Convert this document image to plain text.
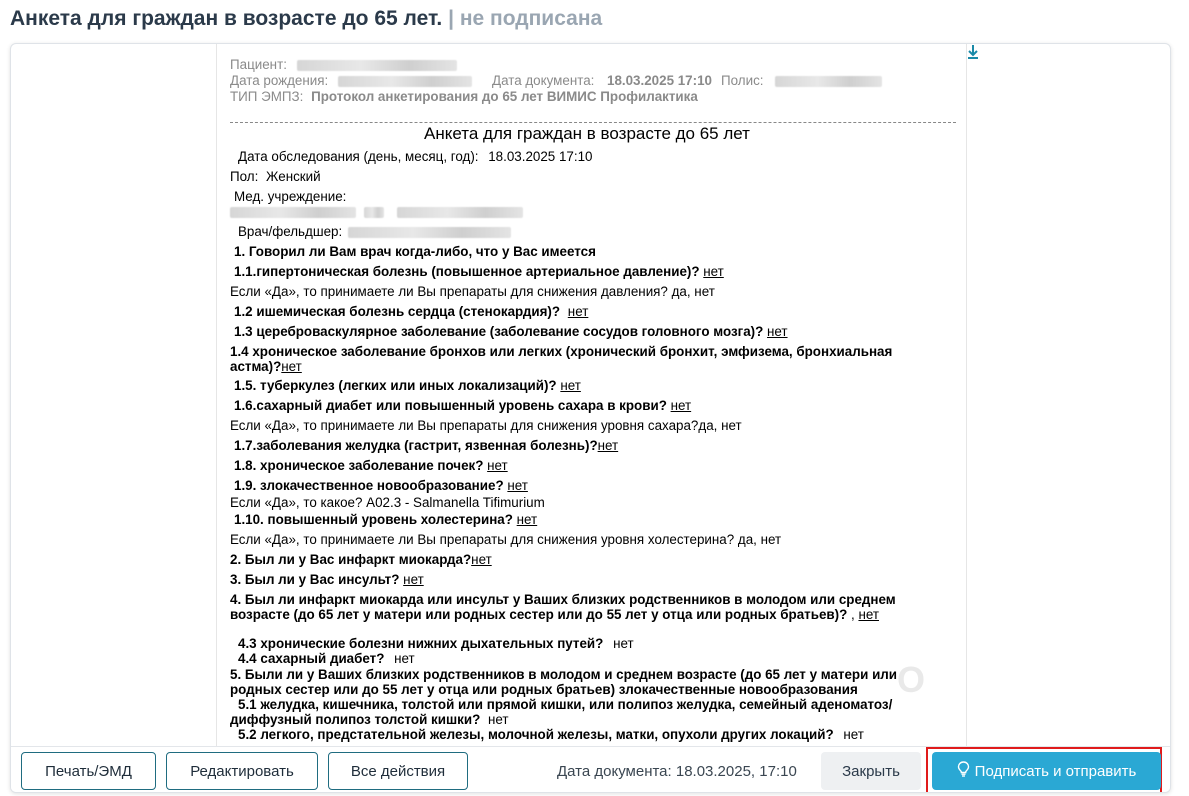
Анкета для граждан в возрасте до 65 лет. | не подписана
Пациент:
Дата рождения:	Дата документа: 18.03.2025 17:10 Полис:
ТИП ЭМПЗ: Протокол анкетирования до 65 лет ВИМИС Профилактика
Анкета для граждан в возрасте до 65 лет
Дата обследования (день, месяц, год): 18.03.2025 17:10
Пол: Женский
Мед. учреждение:

Врач/фельдшер:
1. Говорил ли Вам врач когда-либо, что у Вас имеется
1.1.гипертоническая болезнь (повышенное артериальное давление)? нет
Если «Да», то принимаете ли Вы препараты для снижения давления? да, нет
1.2 ишемическая болезнь сердца (стенокардия)? нет
1.3 цереброваскулярное заболевание (заболевание сосудов головного мозга)? нет
1.4 хроническое заболевание бронхов или легких (хронический бронхит, эмфизема, бронхиальная астма)?нет
1.5. туберкулез (легких или иных локализаций)? нет
1.6.сахарный диабет или повышенный уровень сахара в крови? нет
Если «Да», то принимаете ли Вы препараты для снижения уровня сахара?да, нет
1.7.заболевания желудка (гастрит, язвенная болезнь)?нет
1.8. хроническое заболевание почек? нет
1.9. злокачественное новообразование? нет
Если «Да», то какое? A02.3 - Salmanella Tifimurium
1.10. повышенный уровень холестерина? нет
Если «Да», то принимаете ли Вы препараты для снижения уровня холестерина? да, нет
2. Был ли у Вас инфаркт миокарда?нет
3. Был ли у Вас инсульт? нет
4. Был ли инфаркт миокарда или инсульт у Ваших близких родственников в молодом или среднем возрасте (до 65 лет у матери или родных сестер или до 55 лет у отца или родных братьев)? , нет
4.3 хронические болезни нижних дыхательных путей? нет
4.4 сахарный диабет? нет
5. Были ли у Ваших близких родственников в молодом и среднем возрасте (до 65 лет у матери или родных сестер или до 55 лет у отца или родных братьев) злокачественные новообразования	O
5.1 желудка, кишечника, толстой или прямой кишки, или полипоз желудка, семейный аденоматоз/ диффузный полипоз толстой кишки? нет
5.2 легкого, предстательной железы, молочной железы, матки, опухоли других локаций? нет
Печать/ЭМД	Редактировать	Все действия	Дата документа: 18.03.2025, 17:10	Закрыть	Подписать и отправить
